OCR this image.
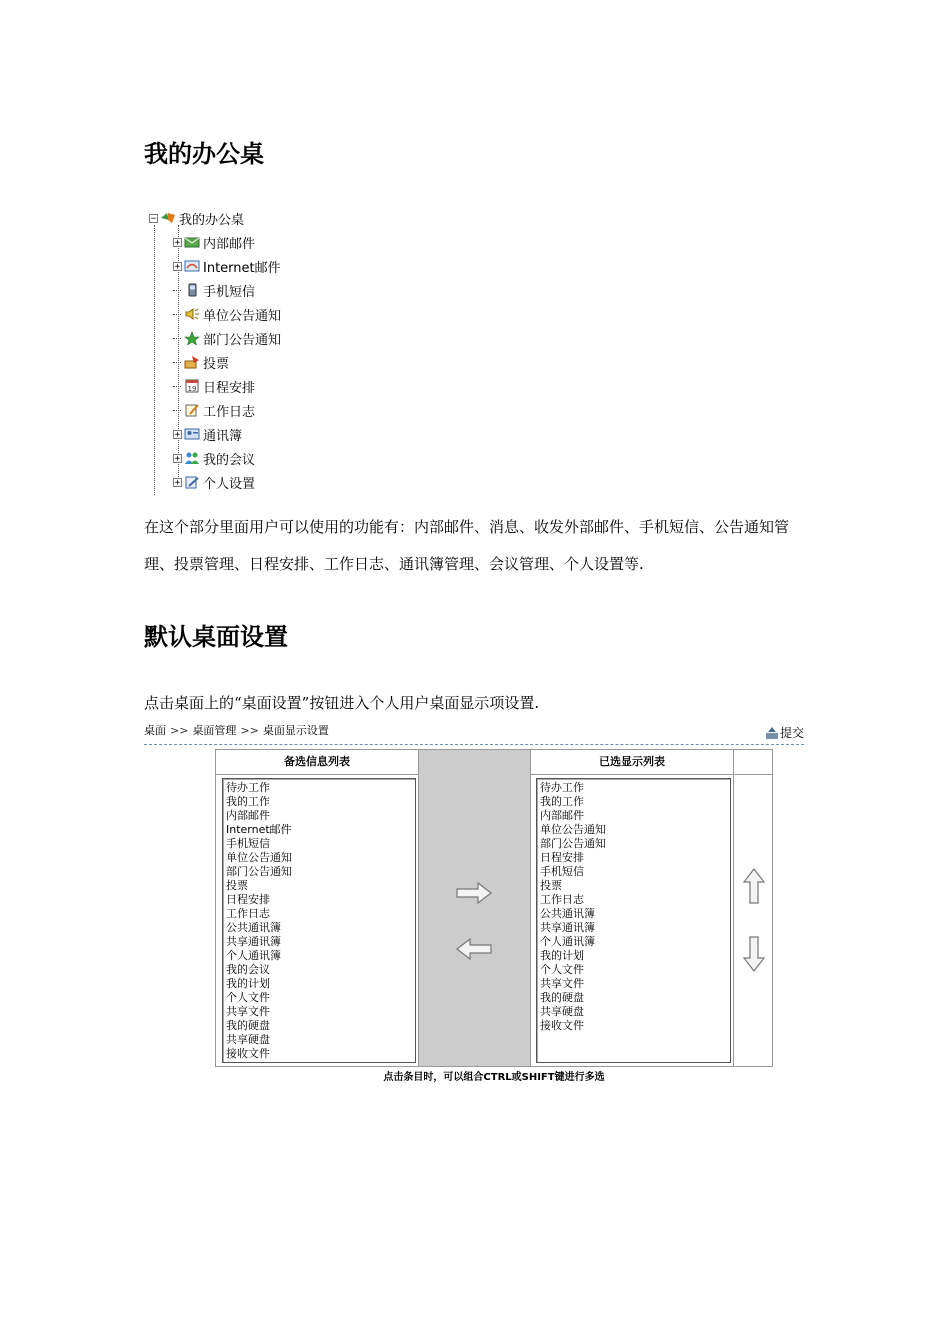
我的办公桌
− 我的办公桌
+ 内部邮件
+ Internet邮件
手机短信
单位公告通知
部门公告通知
投票
19 日程安排
工作日志
+ 通讯簿
+ 我的会议
+ 个人设置
在这个部分里面用户可以使用的功能有：内部邮件、消息、收发外部邮件、手机短信、公告通知管理、投票管理、日程安排、工作日志、通讯簿管理、会议管理、个人设置等.
默认桌面设置
点击桌面上的“桌面设置”按钮进入个人用户桌面显示项设置.
桌面 >> 桌面管理 >> 桌面显示设置	提交
备选信息列表	已选显示列表
待办工作
我的工作
内部邮件
Internet邮件
手机短信
单位公告通知
部门公告通知
投票
日程安排
工作日志
公共通讯簿
共享通讯簿
个人通讯簿
我的会议
我的计划
个人文件
共享文件
我的硬盘
共享硬盘
接收文件
待办工作
我的工作
内部邮件
单位公告通知
部门公告通知
日程安排
手机短信
投票
工作日志
公共通讯簿
共享通讯簿
个人通讯簿
我的计划
个人文件
共享文件
我的硬盘
共享硬盘
接收文件
点击条目时，可以组合CTRL或SHIFT键进行多选
